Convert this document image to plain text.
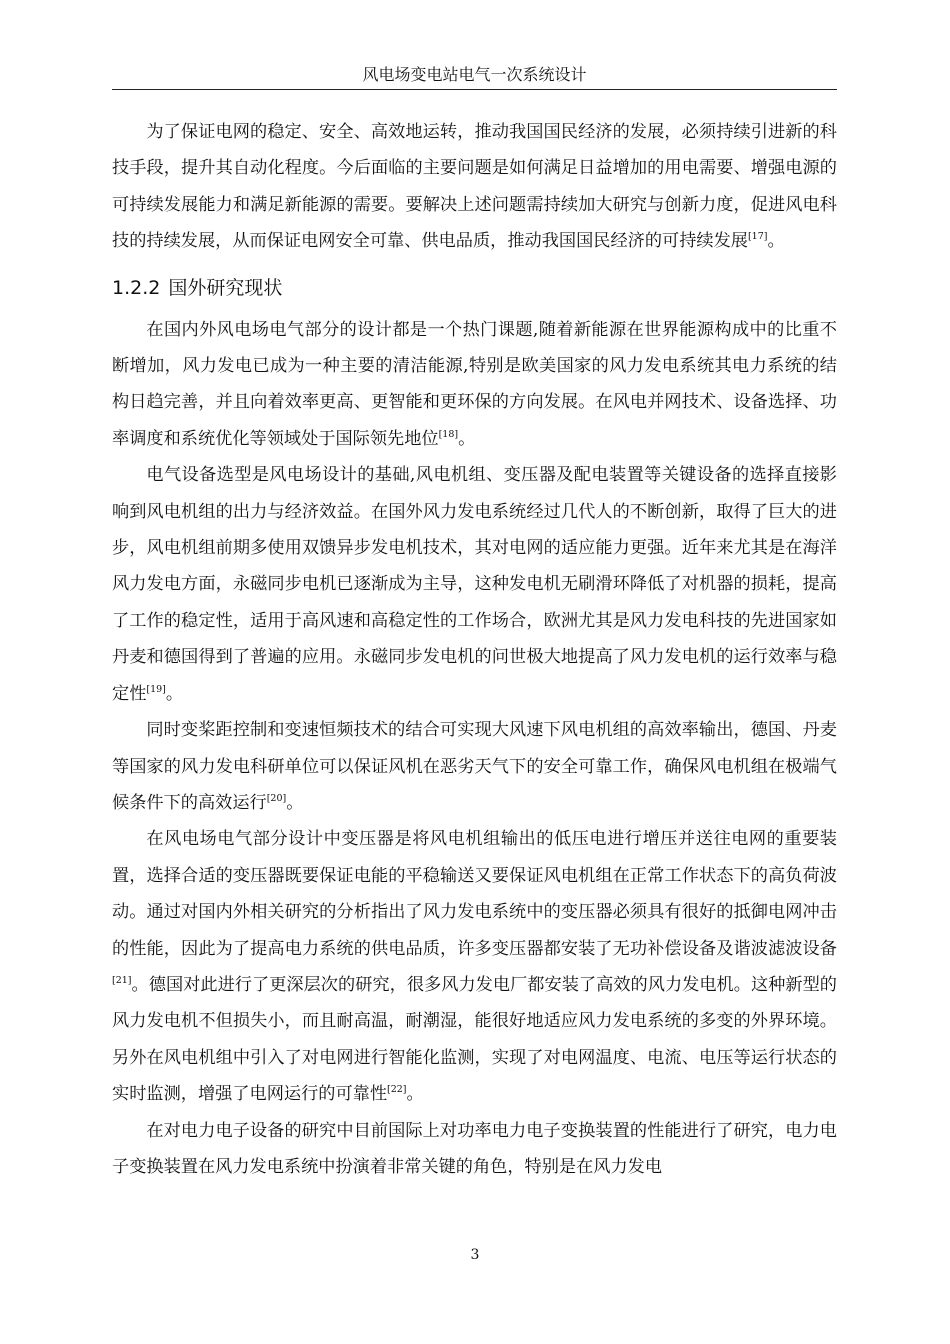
风电场变电站电气一次系统设计

为了保证电网的稳定、安全、高效地运转，推动我国国民经济的发展，必须持续引进新的科技手段，提升其自动化程度。今后面临的主要问题是如何满足日益增加的用电需要、增强电源的可持续发展能力和满足新能源的需要。要解决上述问题需持续加大研究与创新力度，促进风电科技的持续发展，从而保证电网安全可靠、供电品质，推动我国国民经济的可持续发展[17]。

1.2.2 国外研究现状

在国内外风电场电气部分的设计都是一个热门课题,随着新能源在世界能源构成中的比重不断增加，风力发电已成为一种主要的清洁能源,特别是欧美国家的风力发电系统其电力系统的结构日趋完善，并且向着效率更高、更智能和更环保的方向发展。在风电并网技术、设备选择、功率调度和系统优化等领域处于国际领先地位[18]。

电气设备选型是风电场设计的基础,风电机组、变压器及配电装置等关键设备的选择直接影响到风电机组的出力与经济效益。在国外风力发电系统经过几代人的不断创新，取得了巨大的进步，风电机组前期多使用双馈异步发电机技术，其对电网的适应能力更强。近年来尤其是在海洋风力发电方面，永磁同步电机已逐渐成为主导，这种发电机无刷滑环降低了对机器的损耗，提高了工作的稳定性，适用于高风速和高稳定性的工作场合，欧洲尤其是风力发电科技的先进国家如丹麦和德国得到了普遍的应用。永磁同步发电机的问世极大地提高了风力发电机的运行效率与稳定性[19]。

同时变桨距控制和变速恒频技术的结合可实现大风速下风电机组的高效率输出，德国、丹麦等国家的风力发电科研单位可以保证风机在恶劣天气下的安全可靠工作，确保风电机组在极端气候条件下的高效运行[20]。

在风电场电气部分设计中变压器是将风电机组输出的低压电进行增压并送往电网的重要装置，选择合适的变压器既要保证电能的平稳输送又要保证风电机组在正常工作状态下的高负荷波动。通过对国内外相关研究的分析指出了风力发电系统中的变压器必须具有很好的抵御电网冲击的性能，因此为了提高电力系统的供电品质，许多变压器都安装了无功补偿设备及谐波滤波设备[21]。德国对此进行了更深层次的研究，很多风力发电厂都安装了高效的风力发电机。这种新型的风力发电机不但损失小，而且耐高温，耐潮湿，能很好地适应风力发电系统的多变的外界环境。另外在风电机组中引入了对电网进行智能化监测，实现了对电网温度、电流、电压等运行状态的实时监测，增强了电网运行的可靠性[22]。

在对电力电子设备的研究中目前国际上对功率电力电子变换装置的性能进行了研究，电力电子变换装置在风力发电系统中扮演着非常关键的角色，特别是在风力发电

3
